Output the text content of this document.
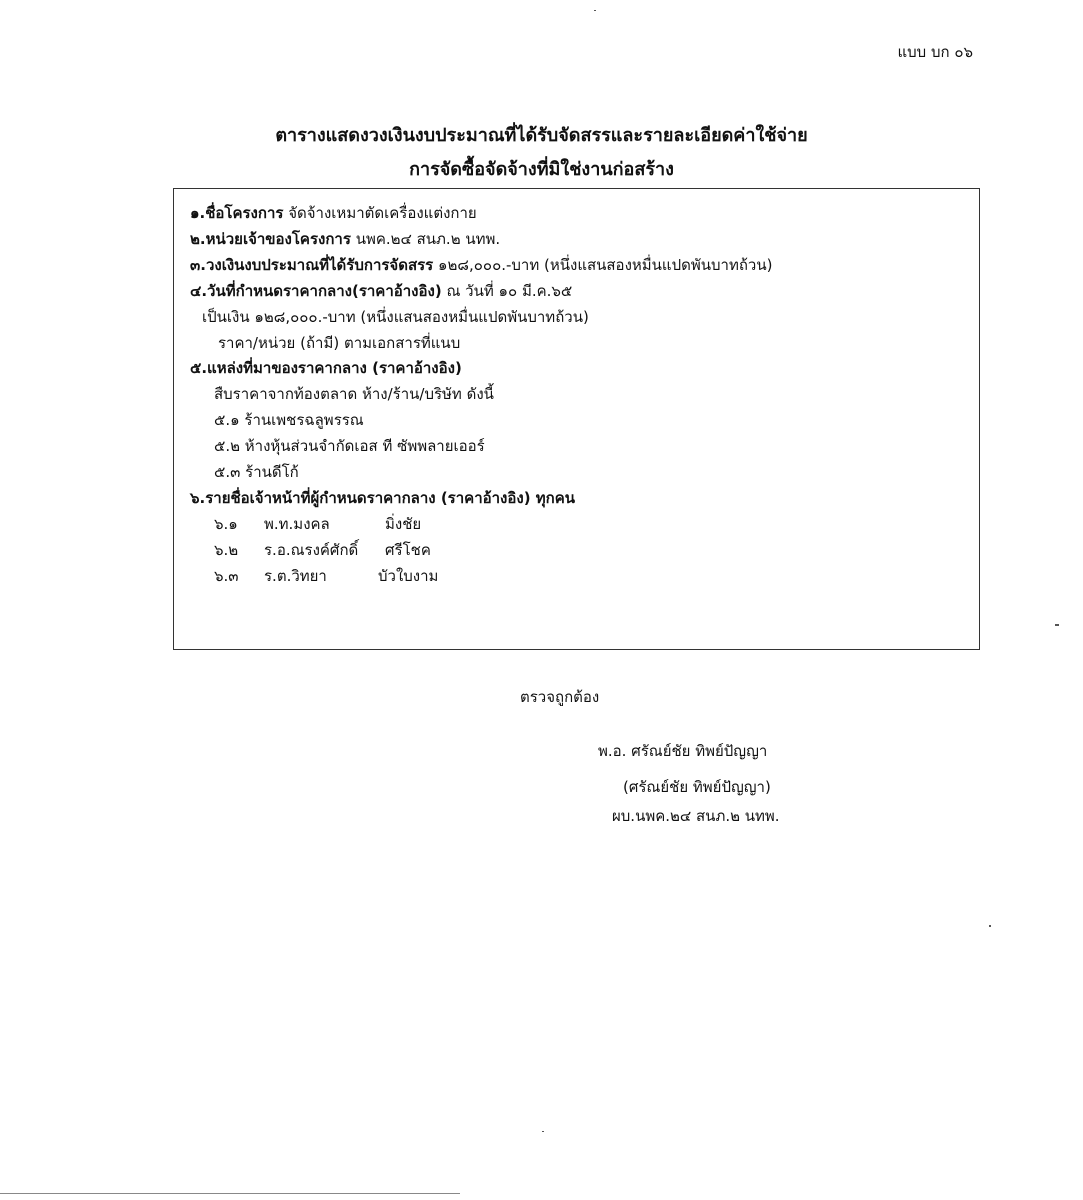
แบบ บก ๐๖
ตารางแสดงวงเงินงบประมาณที่ได้รับจัดสรรและรายละเอียดค่าใช้จ่าย
การจัดซื้อจัดจ้างที่มิใช่งานก่อสร้าง
๑.ชื่อโครงการ จัดจ้างเหมาตัดเครื่องแต่งกาย
๒.หน่วยเจ้าของโครงการ นพค.๒๔ สนภ.๒ นทพ.
๓.วงเงินงบประมาณที่ได้รับการจัดสรร ๑๒๘,๐๐๐.-บาท (หนึ่งแสนสองหมื่นแปดพันบาทถ้วน)
๔.วันที่กำหนดราคากลาง(ราคาอ้างอิง) ณ วันที่ ๑๐ มี.ค.๖๕
เป็นเงิน ๑๒๘,๐๐๐.-บาท (หนึ่งแสนสองหมื่นแปดพันบาทถ้วน)
ราคา/หน่วย (ถ้ามี) ตามเอกสารที่แนบ
๕.แหล่งที่มาของราคากลาง (ราคาอ้างอิง)
สืบราคาจากท้องตลาด ห้าง/ร้าน/บริษัท ดังนี้
๕.๑ ร้านเพชรฉลูพรรณ
๕.๒ ห้างหุ้นส่วนจำกัดเอส ที ซัพพลายเออร์
๕.๓ ร้านดีโก้
๖.รายชื่อเจ้าหน้าที่ผู้กำหนดราคากลาง (ราคาอ้างอิง) ทุกคน
๖.๑ พ.ท.มงคล	มิ่งชัย
๖.๒ ร.อ.ณรงค์ศักดิ์ ศรีโชค
๖.๓ ร.ต.วิทยา	บัวใบงาม
ตรวจถูกต้อง
พ.อ. ศรัณย์ชัย ทิพย์ปัญญา
(ศรัณย์ชัย ทิพย์ปัญญา)
ผบ.นพค.๒๔ สนภ.๒ นทพ.
